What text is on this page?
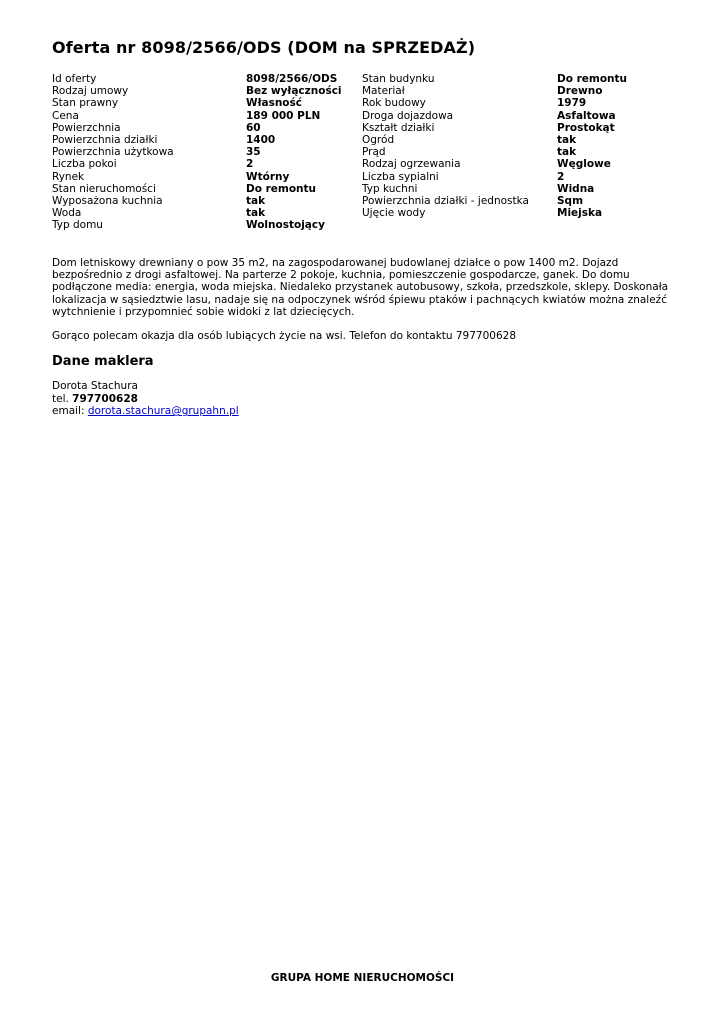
Oferta nr 8098/2566/ODS (DOM na SPRZEDAŻ)
Id oferty
Rodzaj umowy
Stan prawny
Cena
Powierzchnia
Powierzchnia działki
Powierzchnia użytkowa
Liczba pokoi
Rynek
Stan nieruchomości
Wyposażona kuchnia
Woda
Typ domu
8098/2566/ODS
Bez wyłączności
Własność
189 000 PLN
60
1400
35
2
Wtórny
Do remontu
tak
tak
Wolnostojący
Stan budynku
Materiał
Rok budowy
Droga dojazdowa
Kształt działki
Ogród
Prąd
Rodzaj ogrzewania
Liczba sypialni
Typ kuchni
Powierzchnia działki - jednostka
Ujęcie wody
Do remontu
Drewno
1979
Asfaltowa
Prostokąt
tak
tak
Węglowe
2
Widna
Sqm
Miejska

Dom letniskowy drewniany o pow 35 m2, na zagospodarowanej budowlanej działce o pow 1400 m2. Dojazd bezpośrednio z drogi asfaltowej. Na parterze 2 pokoje, kuchnia, pomieszczenie gospodarcze, ganek. Do domu podłączone media: energia, woda miejska. Niedaleko przystanek autobusowy, szkoła, przedszkole, sklepy. Doskonała lokalizacja w sąsiedztwie lasu, nadaje się na odpoczynek wśród śpiewu ptaków i pachnących kwiatów można znaleźć wytchnienie i przypomnieć sobie widoki z lat dziecięcych.

Gorąco polecam okazja dla osób lubiących życie na wsi. Telefon do kontaktu 797700628

Dane maklera
Dorota Stachura
tel. 797700628
email: dorota.stachura@grupahn.pl
GRUPA HOME NIERUCHOMOŚCI
